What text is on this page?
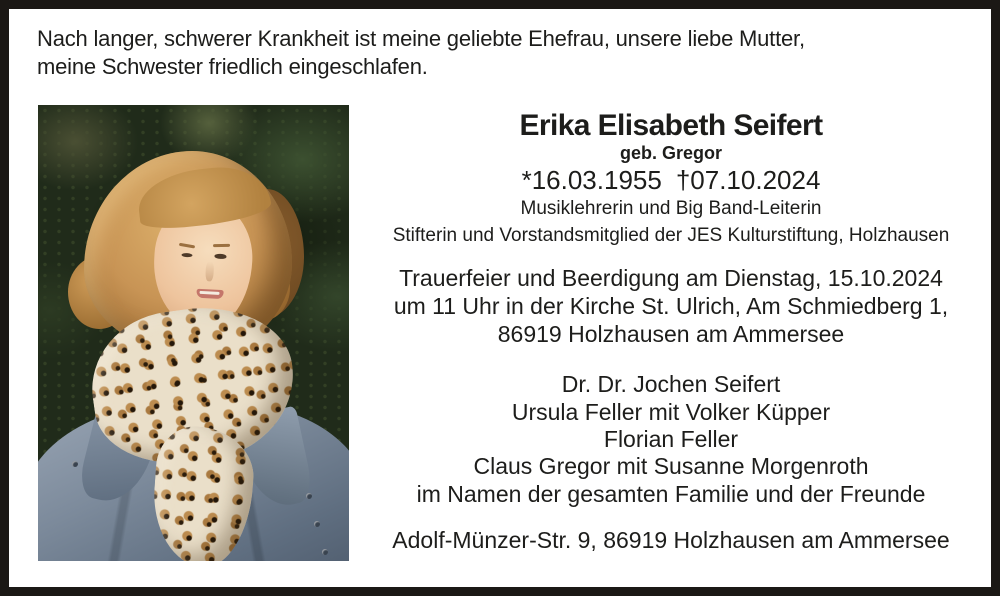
Nach langer, schwerer Krankheit ist meine geliebte Ehefrau, unsere liebe Mutter,
meine Schwester friedlich eingeschlafen.
Erika Elisabeth Seifert
geb. Gregor
*16.03.1955 †07.10.2024
Musiklehrerin und Big Band-Leiterin
Stifterin und Vorstandsmitglied der JES Kulturstiftung, Holzhausen
Trauerfeier und Beerdigung am Dienstag, 15.10.2024
um 11 Uhr in der Kirche St. Ulrich, Am Schmiedberg 1,
86919 Holzhausen am Ammersee
Dr. Dr. Jochen Seifert
Ursula Feller mit Volker Küpper
Florian Feller
Claus Gregor mit Susanne Morgenroth
im Namen der gesamten Familie und der Freunde
Adolf-Münzer-Str. 9, 86919 Holzhausen am Ammersee
